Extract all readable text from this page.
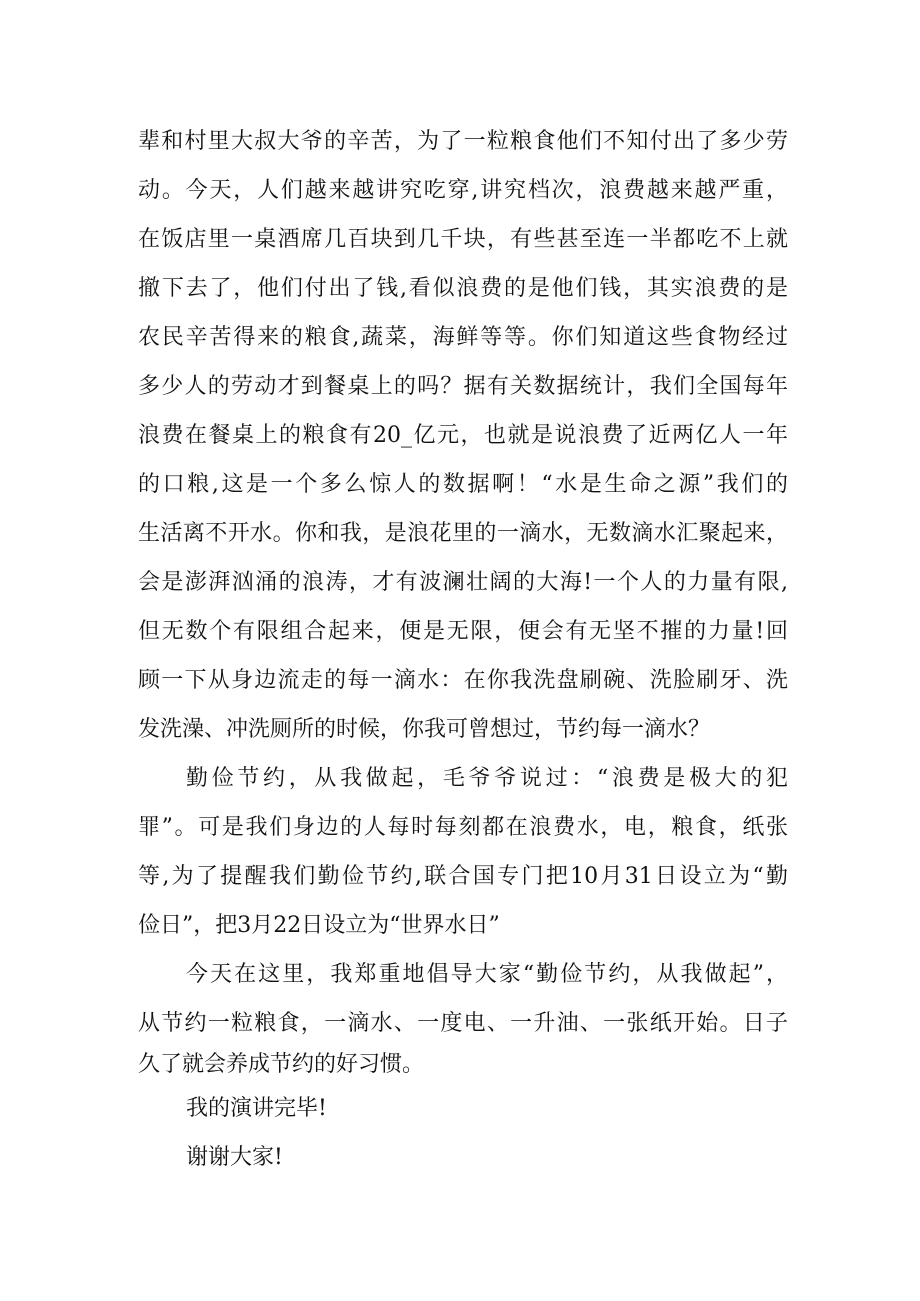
辈和村里大叔大爷的辛苦，为了一粒粮食他们不知付出了多少劳
动。今天，人们越来越讲究吃穿,讲究档次，浪费越来越严重，
在饭店里一桌酒席几百块到几千块，有些甚至连一半都吃不上就
撤下去了，他们付出了钱,看似浪费的是他们钱，其实浪费的是
农民辛苦得来的粮食,蔬菜，海鲜等等。你们知道这些食物经过
多少人的劳动才到餐桌上的吗？据有关数据统计，我们全国每年
浪费在餐桌上的粮食有20_亿元，也就是说浪费了近两亿人一年
的口粮,这是一个多么惊人的数据啊！“水是生命之源”我们的
生活离不开水。你和我，是浪花里的一滴水，无数滴水汇聚起来，
会是澎湃汹涌的浪涛，才有波澜壮阔的大海!一个人的力量有限,
但无数个有限组合起来，便是无限，便会有无坚不摧的力量!回
顾一下从身边流走的每一滴水：在你我洗盘刷碗、洗脸刷牙、洗
发洗澡、冲洗厕所的时候，你我可曾想过，节约每一滴水？
勤俭节约，从我做起，毛爷爷说过：“浪费是极大的犯
罪”。可是我们身边的人每时每刻都在浪费水，电，粮食，纸张
等,为了提醒我们勤俭节约,联合国专门把10月31日设立为“勤
俭日”，把3月22日设立为“世界水日”
今天在这里，我郑重地倡导大家“勤俭节约，从我做起”，
从节约一粒粮食，一滴水、一度电、一升油、一张纸开始。日子
久了就会养成节约的好习惯。
我的演讲完毕!
谢谢大家!
